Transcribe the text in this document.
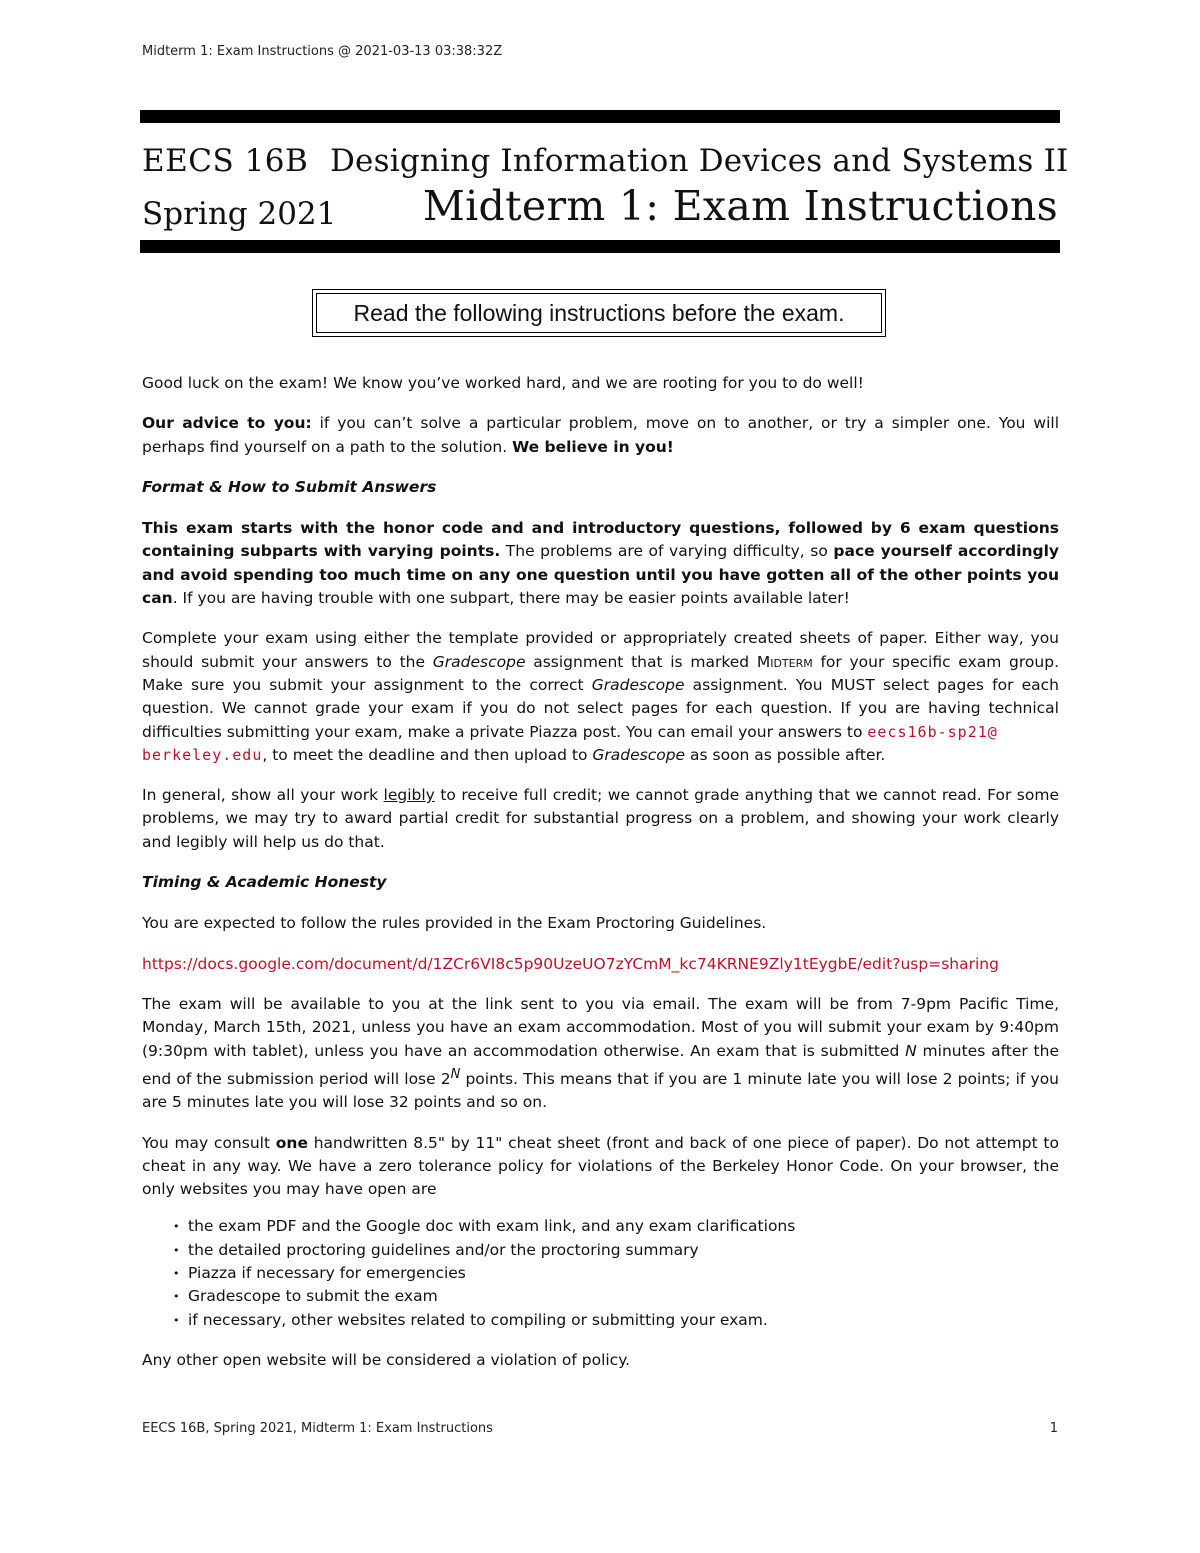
Midterm 1: Exam Instructions @ 2021-03-13 03:38:32Z
EECS 16B Designing Information Devices and Systems II
Spring 2021 Midterm 1: Exam Instructions
Read the following instructions before the exam.

Good luck on the exam! We know you’ve worked hard, and we are rooting for you to do well!

Our advice to you: if you can’t solve a particular problem, move on to another, or try a simpler one. You will perhaps find yourself on a path to the solution. We believe in you!

Format & How to Submit Answers

This exam starts with the honor code and and introductory questions, followed by 6 exam questions containing subparts with varying points. The problems are of varying difficulty, so pace yourself accordingly and avoid spending too much time on any one question until you have gotten all of the other points you can. If you are having trouble with one subpart, there may be easier points available later!

Complete your exam using either the template provided or appropriately created sheets of paper. Either way, you should submit your answers to the Gradescope assignment that is marked Midterm for your specific exam group. Make sure you submit your assignment to the correct Gradescope assignment. You MUST select pages for each question. We cannot grade your exam if you do not select pages for each question. If you are having technical difficulties submitting your exam, make a private Piazza post. You can email your answers to eecs16b-sp21@
berkeley.edu, to meet the deadline and then upload to Gradescope as soon as possible after.

In general, show all your work legibly to receive full credit; we cannot grade anything that we cannot read. For some problems, we may try to award partial credit for substantial progress on a problem, and showing your work clearly and legibly will help us do that.

Timing & Academic Honesty

You are expected to follow the rules provided in the Exam Proctoring Guidelines.

https://docs.google.com/document/d/1ZCr6VI8c5p90UzeUO7zYCmM_kc74KRNE9Zly1tEygbE/edit?usp=sharing

The exam will be available to you at the link sent to you via email. The exam will be from 7-9pm Pacific Time, Monday, March 15th, 2021, unless you have an exam accommodation. Most of you will submit your exam by 9:40pm (9:30pm with tablet), unless you have an accommodation otherwise. An exam that is submitted N minutes after the end of the submission period will lose $2^N$ points. This means that if you are 1 minute late you will lose 2 points; if you are 5 minutes late you will lose 32 points and so on.

You may consult one handwritten 8.5" by 11" cheat sheet (front and back of one piece of paper). Do not attempt to cheat in any way. We have a zero tolerance policy for violations of the Berkeley Honor Code. On your browser, the only websites you may have open are

• the exam PDF and the Google doc with exam link, and any exam clarifications
• the detailed proctoring guidelines and/or the proctoring summary
• Piazza if necessary for emergencies
• Gradescope to submit the exam
• if necessary, other websites related to compiling or submitting your exam.

Any other open website will be considered a violation of policy.

EECS 16B, Spring 2021, Midterm 1: Exam Instructions	1
